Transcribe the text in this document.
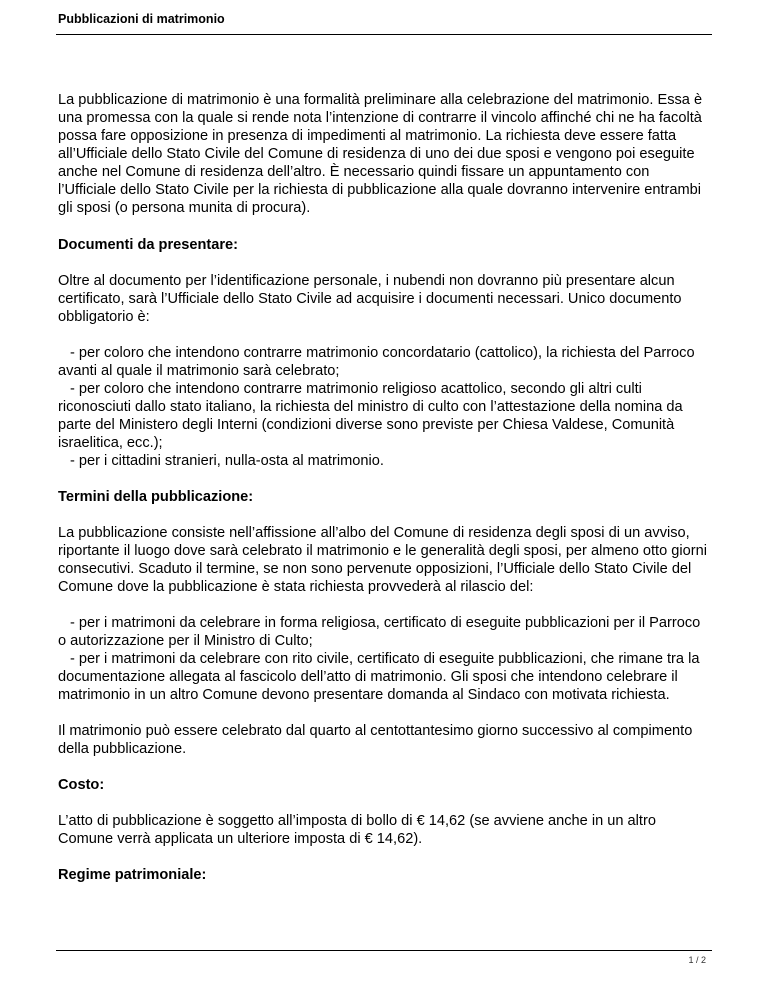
Pubblicazioni di matrimonio

La pubblicazione di matrimonio è una formalità preliminare alla celebrazione del matrimonio. Essa è una promessa con la quale si rende nota l’intenzione di contrarre il vincolo affinché chi ne ha facoltà possa fare opposizione in presenza di impedimenti al matrimonio. La richiesta deve essere fatta all’Ufficiale dello Stato Civile del Comune di residenza di uno dei due sposi e vengono poi eseguite anche nel Comune di residenza dell’altro. È necessario quindi fissare un appuntamento con l’Ufficiale dello Stato Civile per la richiesta di pubblicazione alla quale dovranno intervenire entrambi gli sposi (o persona munita di procura).

Documenti da presentare:

Oltre al documento per l’identificazione personale, i nubendi non dovranno più presentare alcun certificato, sarà l’Ufficiale dello Stato Civile ad acquisire i documenti necessari. Unico documento obbligatorio è:

- per coloro che intendono contrarre matrimonio concordatario (cattolico), la richiesta del Parroco avanti al quale il matrimonio sarà celebrato;

- per coloro che intendono contrarre matrimonio religioso acattolico, secondo gli altri culti riconosciuti dallo stato italiano, la richiesta del ministro di culto con l’attestazione della nomina da parte del Ministero degli Interni (condizioni diverse sono previste per Chiesa Valdese, Comunità israelitica, ecc.);

- per i cittadini stranieri, nulla-osta al matrimonio.

Termini della pubblicazione:

La pubblicazione consiste nell’affissione all’albo del Comune di residenza degli sposi di un avviso, riportante il luogo dove sarà celebrato il matrimonio e le generalità degli sposi, per almeno otto giorni consecutivi. Scaduto il termine, se non sono pervenute opposizioni, l’Ufficiale dello Stato Civile del Comune dove la pubblicazione è stata richiesta provvederà al rilascio del:

- per i matrimoni da celebrare in forma religiosa, certificato di eseguite pubblicazioni per il Parroco o autorizzazione per il Ministro di Culto;

- per i matrimoni da celebrare con rito civile, certificato di eseguite pubblicazioni, che rimane tra la documentazione allegata al fascicolo dell’atto di matrimonio. Gli sposi che intendono celebrare il matrimonio in un altro Comune devono presentare domanda al Sindaco con motivata richiesta.

Il matrimonio può essere celebrato dal quarto al centottantesimo giorno successivo al compimento della pubblicazione.

Costo:

L’atto di pubblicazione è soggetto all’imposta di bollo di € 14,62 (se avviene anche in un altro Comune verrà applicata un ulteriore imposta di € 14,62).

Regime patrimoniale:

1 / 2
